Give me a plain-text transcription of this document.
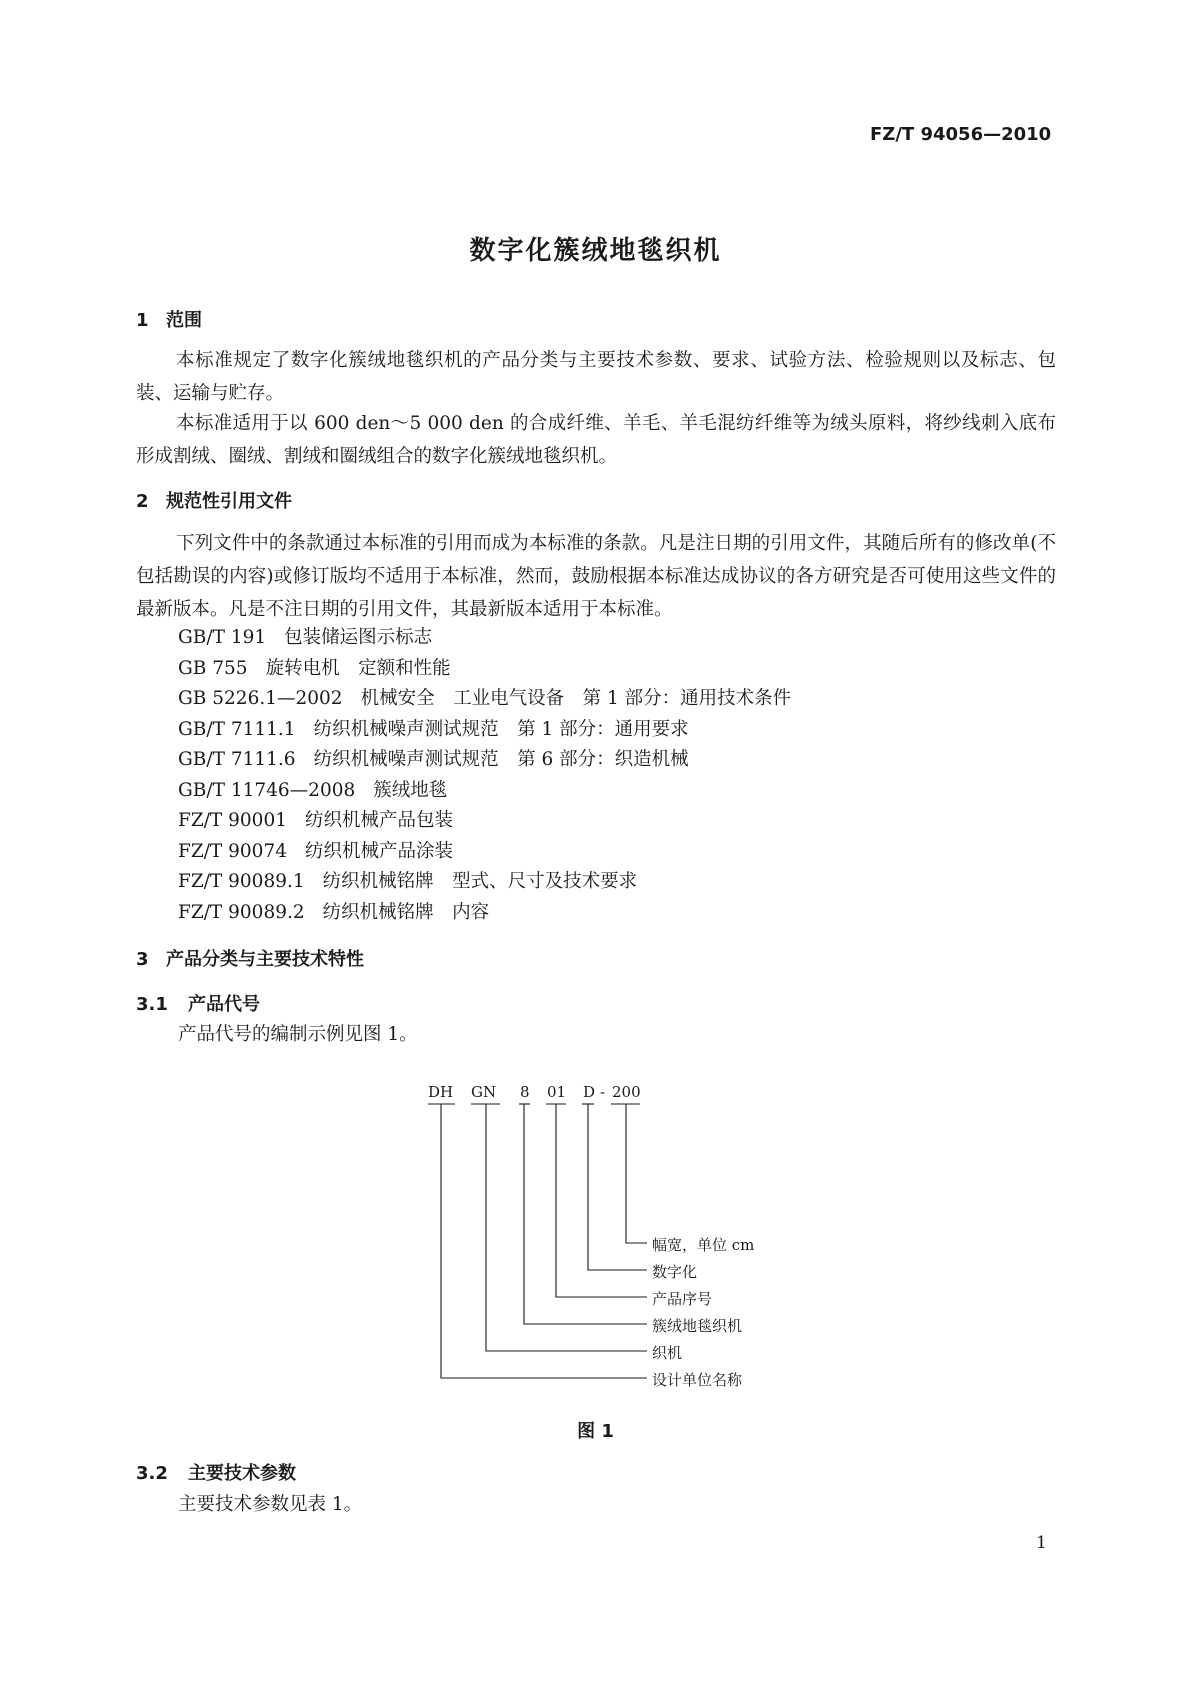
FZ/T 94056—2010
数字化簇绒地毯织机
1 范围
本标准规定了数字化簇绒地毯织机的产品分类与主要技术参数、要求、试验方法、检验规则以及标志、包装、运输与贮存。
本标准适用于以 600 den～5 000 den 的合成纤维、羊毛、羊毛混纺纤维等为绒头原料，将纱线刺入底布形成割绒、圈绒、割绒和圈绒组合的数字化簇绒地毯织机。
2 规范性引用文件
下列文件中的条款通过本标准的引用而成为本标准的条款。凡是注日期的引用文件，其随后所有的修改单(不包括勘误的内容)或修订版均不适用于本标准，然而，鼓励根据本标准达成协议的各方研究是否可使用这些文件的最新版本。凡是不注日期的引用文件，其最新版本适用于本标准。
GB/T 191 包装储运图示标志
GB 755 旋转电机　定额和性能
GB 5226.1—2002 机械安全　工业电气设备　第 1 部分：通用技术条件
GB/T 7111.1 纺织机械噪声测试规范　第 1 部分：通用要求
GB/T 7111.6 纺织机械噪声测试规范　第 6 部分：织造机械
GB/T 11746—2008 簇绒地毯
FZ/T 90001 纺织机械产品包装
FZ/T 90074 纺织机械产品涂装
FZ/T 90089.1 纺织机械铭牌　型式、尺寸及技术要求
FZ/T 90089.2 纺织机械铭牌　内容
3 产品分类与主要技术特性
3.1 产品代号
产品代号的编制示例见图 1。
DH GN 8 01 D - 200
幅宽，单位 cm
数字化
产品序号
簇绒地毯织机
织机
设计单位名称
图 1
3.2 主要技术参数
主要技术参数见表 1。
1
